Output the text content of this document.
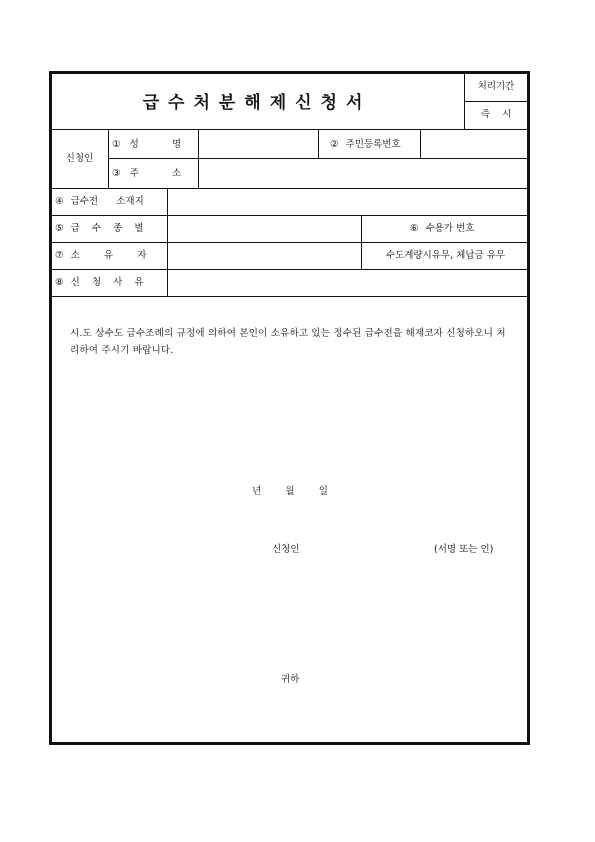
급수처분해제신청서
처리기간
즉    시
신청인
① 성           명	② 주민등록번호
③ 주           소
④ 급수전      소재지
⑤ 급    수    종    별	⑥ 수용가 번호
⑦ 소        유        자	수도계량시유무, 체납금 유무
⑧ 신    청    사    유
시.도 상수도 급수조례의 규정에 의하여 본인이 소유하고 있는 정수된 급수전을 해제코자 신청하오니 처리하여 주시기 바랍니다.
년        월        일
신청인	(서명 또는 인)
귀하
